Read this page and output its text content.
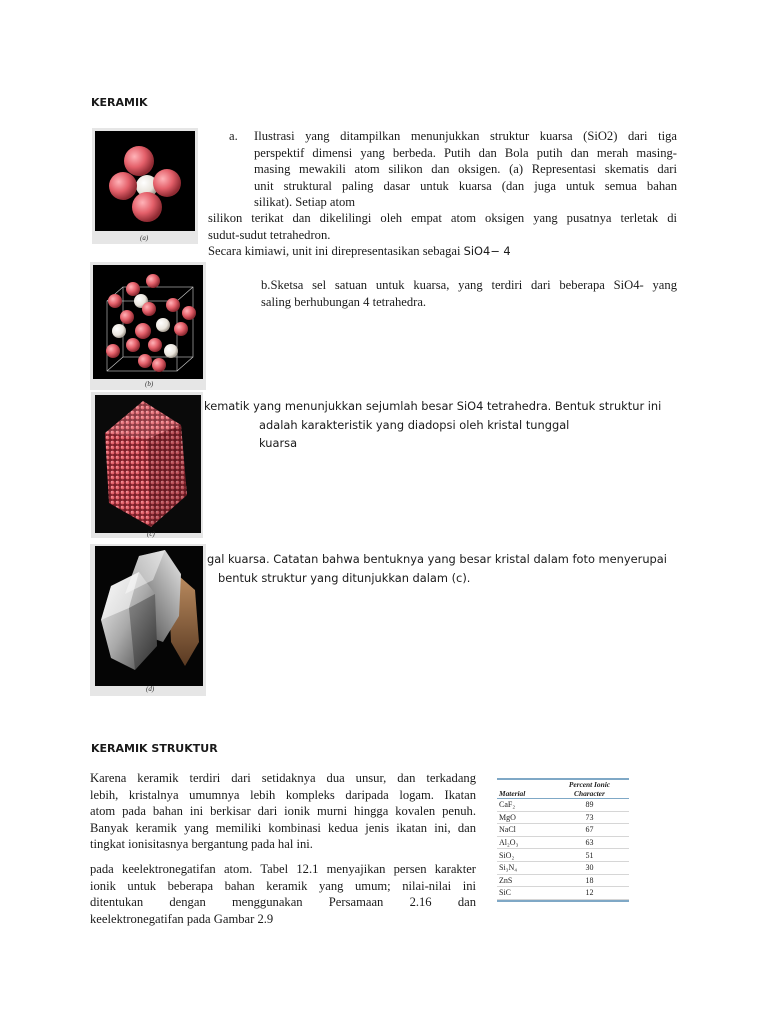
KERAMIK
(a)
a.	Ilustrasi yang ditampilkan menunjukkan struktur kuarsa (SiO2) dari tiga
perspektif dimensi yang berbeda. Putih dan Bola putih dan merah masing-
masing mewakili atom silikon dan oksigen. (a) Representasi skematis dari
unit struktural paling dasar untuk kuarsa (dan juga untuk semua bahan
silikat). Setiap atom
silikon terikat dan dikelilingi oleh empat atom oksigen yang pusatnya terletak di
sudut-sudut tetrahedron.
Secara kimiawi, unit ini direpresentasikan sebagai SiO4− 4
(b)
b.Sketsa sel satuan untuk kuarsa, yang terdiri dari beberapa SiO4- yang
saling berhubungan 4 tetrahedra.
(c)
kematik yang menunjukkan sejumlah besar SiO4 tetrahedra. Bentuk struktur ini
adalah karakteristik yang diadopsi oleh kristal tunggal
kuarsa
(d)
gal kuarsa. Catatan bahwa bentuknya yang besar kristal dalam foto menyerupai
bentuk struktur yang ditunjukkan dalam (c).
KERAMIK STRUKTUR
Karena keramik terdiri dari setidaknya dua unsur, dan terkadang
lebih, kristalnya umumnya lebih kompleks daripada logam. Ikatan
atom pada bahan ini berkisar dari ionik murni hingga kovalen penuh.
Banyak keramik yang memiliki kombinasi kedua jenis ikatan ini, dan
tingkat ionisitasnya bergantung pada hal ini.
pada keelektronegatifan atom. Tabel 12.1 menyajikan persen karakter
ionik untuk beberapa bahan keramik yang umum; nilai-nilai ini
ditentukan dengan menggunakan Persamaan 2.16 dan
keelektronegatifan pada Gambar 2.9
Material	Percent Ionic
Character

CaF₂	89
MgO	73
NaCl	67
Al₂O₃	63
SiO₂	51
Si₃N₄	30
ZnS	18
SiC	12
